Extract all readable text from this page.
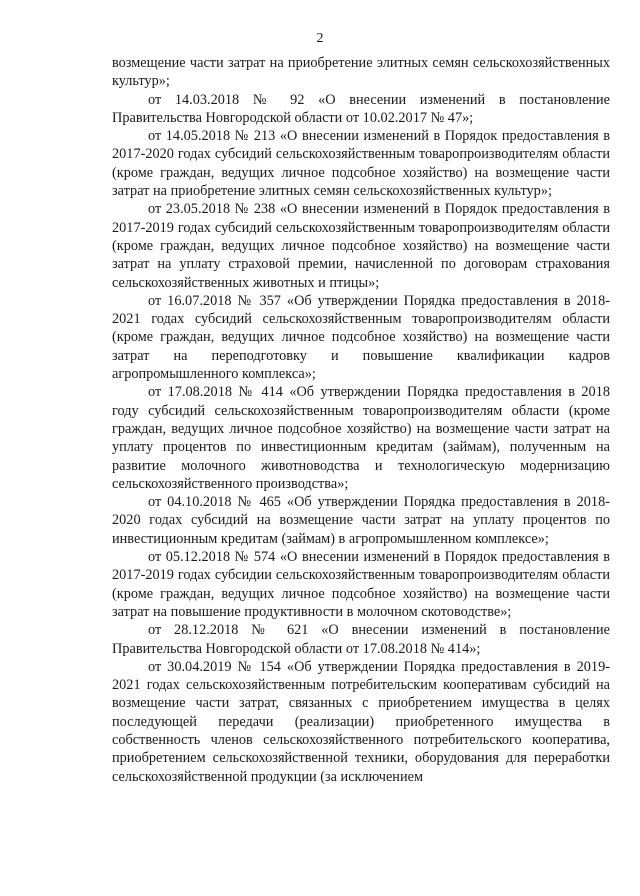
2

возмещение части затрат на приобретение элитных семян сельскохозяйственных культур»;

от 14.03.2018 № 92 «О внесении изменений в постановление Правительства Новгородской области от 10.02.2017 № 47»;

от 14.05.2018 № 213 «О внесении изменений в Порядок предоставления в 2017-2020 годах субсидий сельскохозяйственным товаропроизводителям области (кроме граждан, ведущих личное подсобное хозяйство) на возмещение части затрат на приобретение элитных семян сельскохозяйственных культур»;

от 23.05.2018 № 238 «О внесении изменений в Порядок предоставления в 2017-2019 годах субсидий сельскохозяйственным товаропроизводителям области (кроме граждан, ведущих личное подсобное хозяйство) на возмещение части затрат на уплату страховой премии, начисленной по договорам страхования сельскохозяйственных животных и птицы»;

от 16.07.2018 № 357 «Об утверждении Порядка предоставления в 2018-2021 годах субсидий сельскохозяйственным товаропроизводителям области (кроме граждан, ведущих личное подсобное хозяйство) на возмещение части затрат на переподготовку и повышение квалификации кадров агропромышленного комплекса»;

от 17.08.2018 № 414 «Об утверждении Порядка предоставления в 2018 году субсидий сельскохозяйственным товаропроизводителям области (кроме граждан, ведущих личное подсобное хозяйство) на возмещение части затрат на уплату процентов по инвестиционным кредитам (займам), полученным на развитие молочного животноводства и технологическую модернизацию сельскохозяйственного производства»;

от 04.10.2018 № 465 «Об утверждении Порядка предоставления в 2018-2020 годах субсидий на возмещение части затрат на уплату процентов по инвестиционным кредитам (займам) в агропромышленном комплексе»;

от 05.12.2018 № 574 «О внесении изменений в Порядок предоставления в 2017-2019 годах субсидии сельскохозяйственным товаропроизводителям области (кроме граждан, ведущих личное подсобное хозяйство) на возмещение части затрат на повышение продуктивности в молочном скотоводстве»;

от 28.12.2018 № 621 «О внесении изменений в постановление Правительства Новгородской области от 17.08.2018 № 414»;

от 30.04.2019 № 154 «Об утверждении Порядка предоставления в 2019-2021 годах сельскохозяйственным потребительским кооперативам субсидий на возмещение части затрат, связанных с приобретением имущества в целях последующей передачи (реализации) приобретенного имущества в собственность членов сельскохозяйственного потребительского кооператива, приобретением сельскохозяйственной техники, оборудования для переработки сельскохозяйственной продукции (за исключением
